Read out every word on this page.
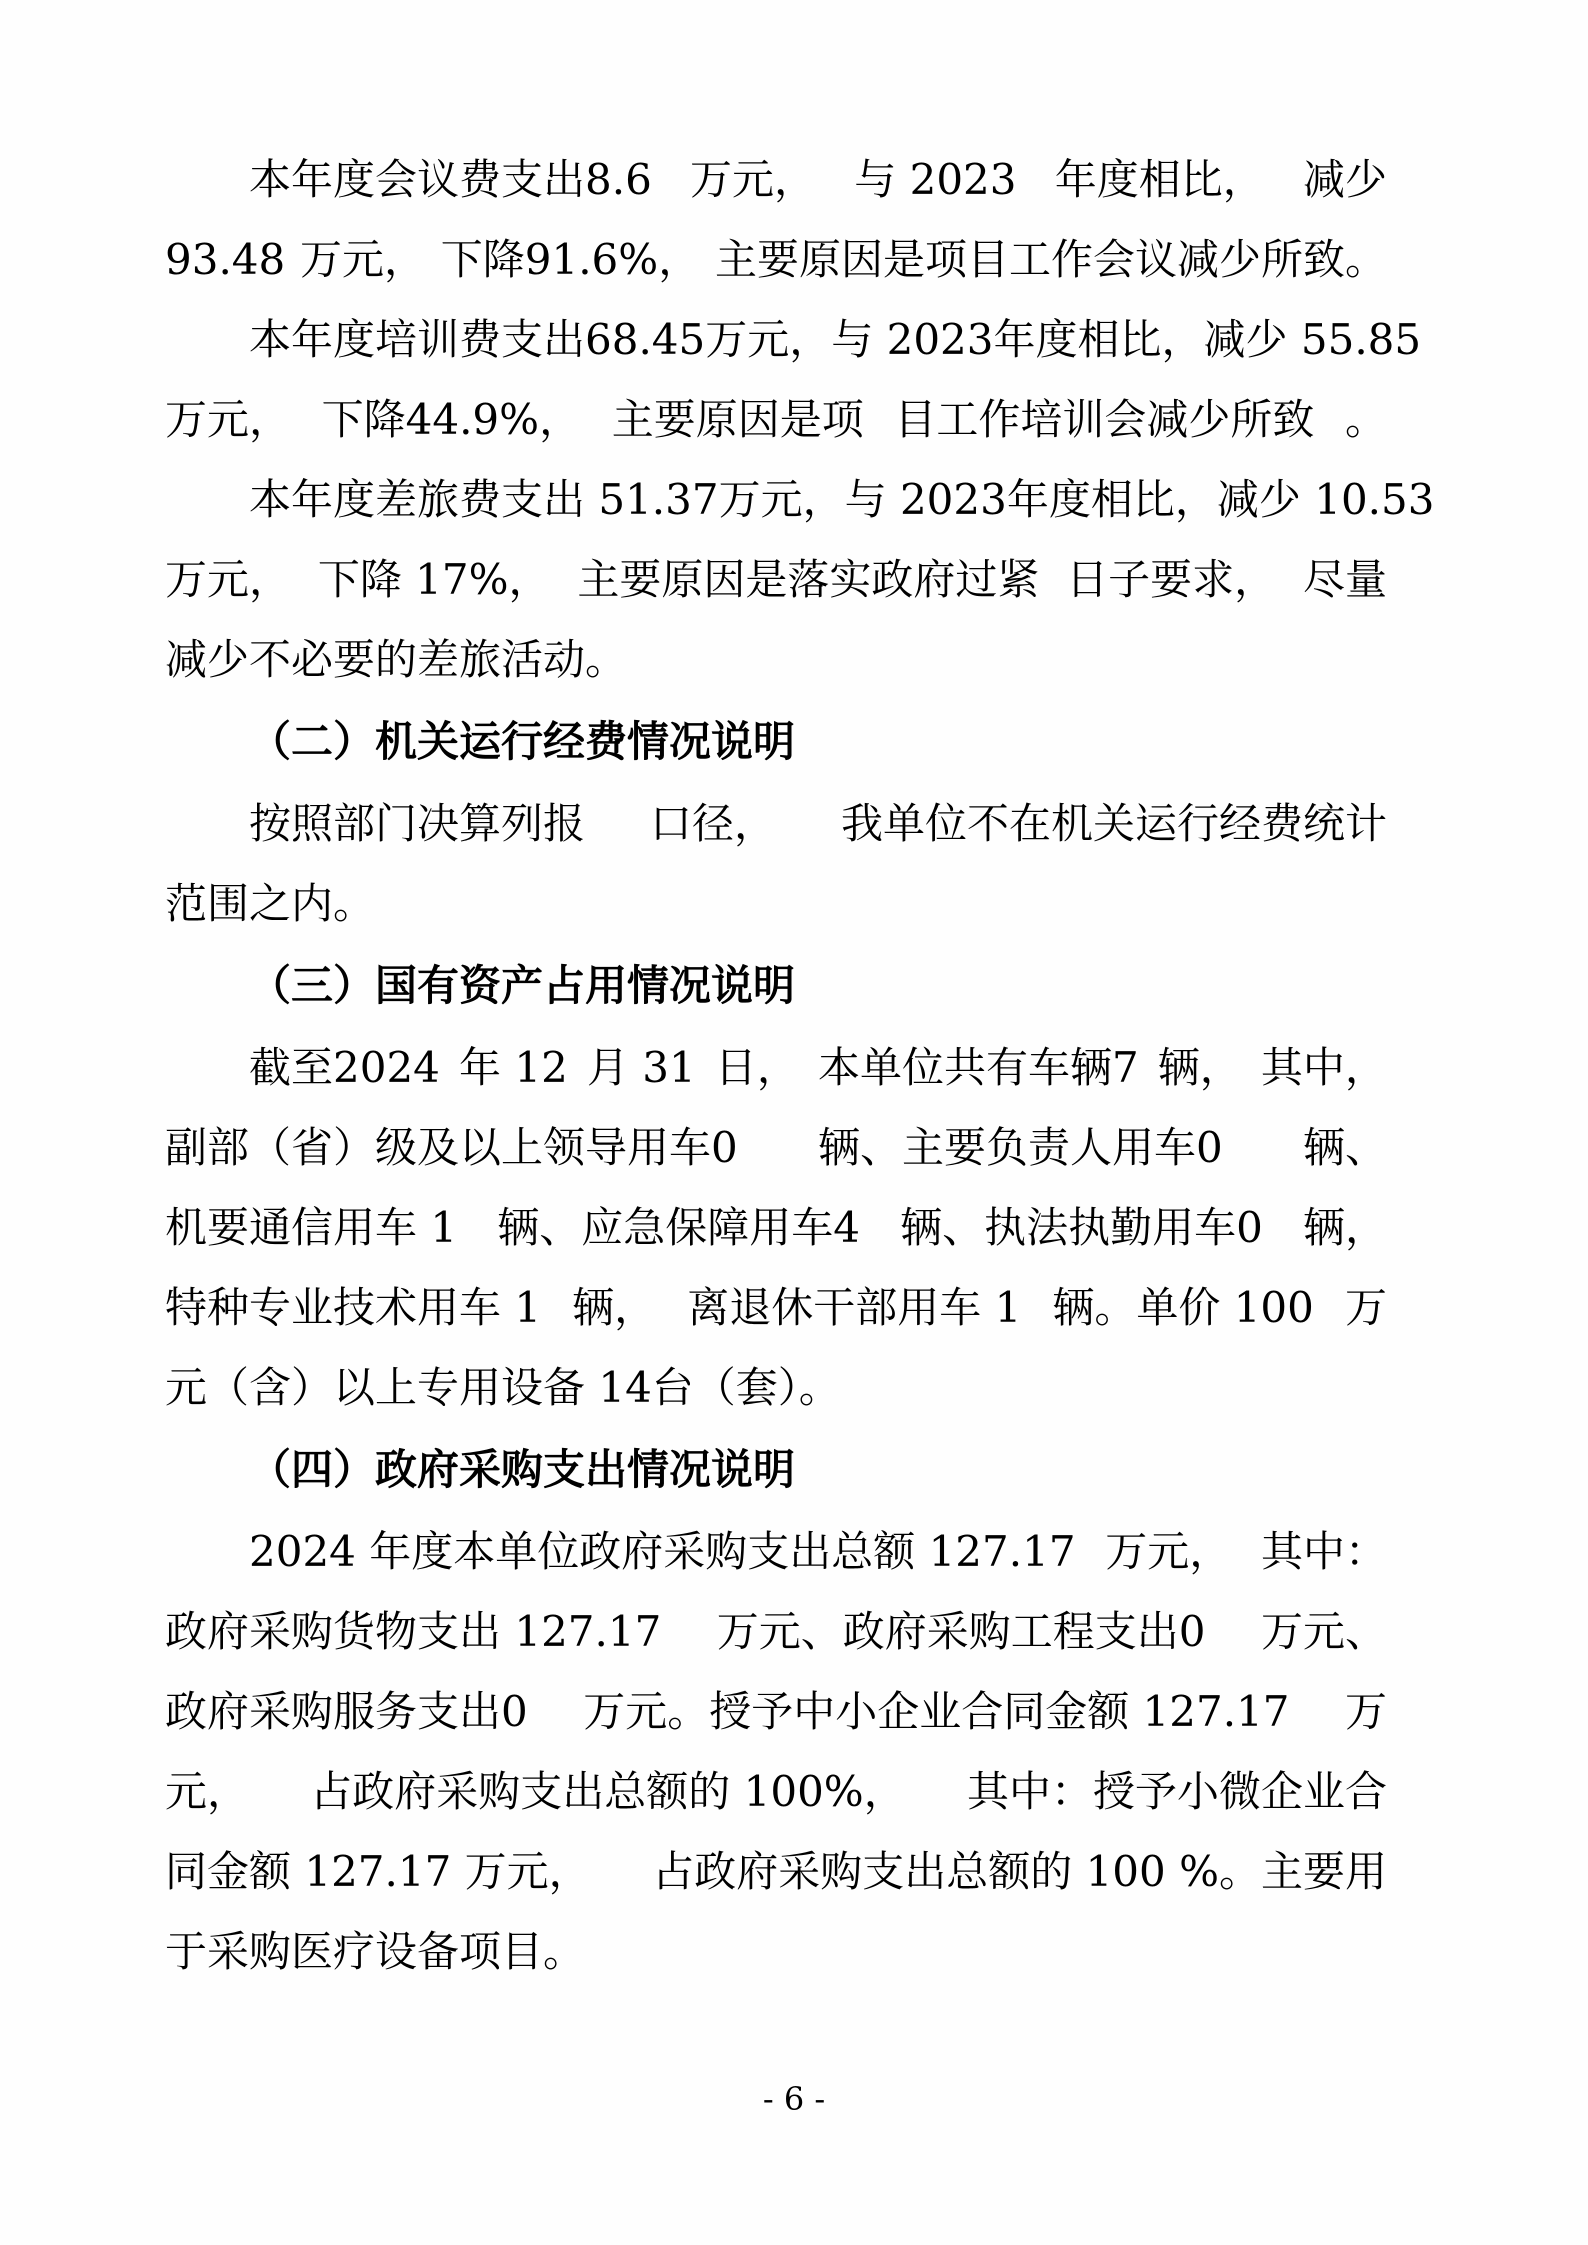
本年度会议费支出8.6 万元， 与 2023 年度相比， 减少
93.48 万元， 下降91.6%， 主要原因是项目工作会议减少所致。
本年度培训费支出68.45 万元， 与 2023 年度相比， 减少 55.85
万元， 下降44.9%， 主要原因是项 目工作培训会减少所致 。
本年度差旅费支出 51.37 万元， 与 2023 年度相比， 减少 10.53
万元， 下降 17%， 主要原因是落实政府过紧 日子要求， 尽量
减少不必要的差旅活动。
（二）机关运行经费情况说明
按照部门决算列报 口径， 我单位不在机关运行经费统计
范围之内。
（三）国有资产占用情况说明
截至2024 年 12 月 31 日， 本单位共有车辆7 辆， 其中，
副部（省）级及以上领导用车0 辆、主要负责人用车0 辆、
机要通信用车 1 辆、应急保障用车4 辆、执法执勤用车0 辆，
特种专业技术用车 1 辆， 离退休干部用车 1 辆。单价 100 万
元（含）以上专用设备 14台（套）。
（四）政府采购支出情况说明
2024 年度本单位政府采购支出总额 127.17 万元， 其中：
政府采购货物支出 127.17 万元、政府采购工程支出0 万元、
政府采购服务支出0 万元。授予中小企业合同金额 127.17 万
元， 占政府采购支出总额的 100%， 其中：授予小微企业合
同金额 127.17 万元， 占政府采购支出总额的 100 %。主要用
于采购医疗设备项目。
- 6 -
